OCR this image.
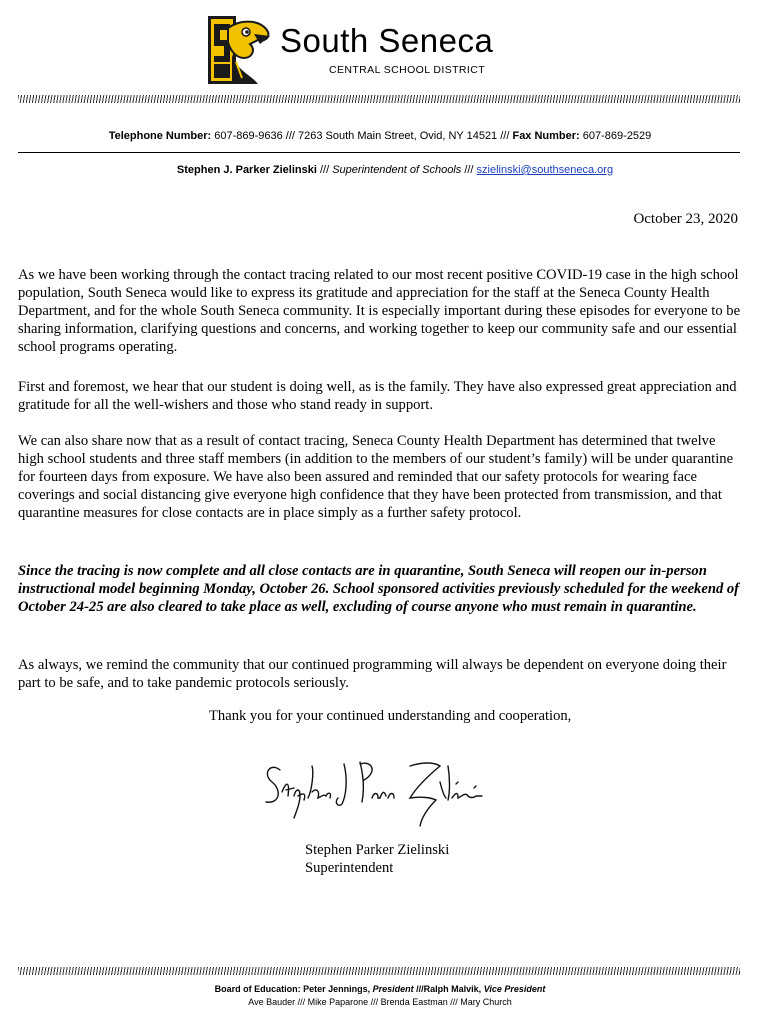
South Seneca
CENTRAL SCHOOL DISTRICT
Telephone Number: 607-869-9636 /// 7263 South Main Street, Ovid, NY 14521 /// Fax Number: 607-869-2529
Stephen J. Parker Zielinski /// Superintendent of Schools /// szielinski@southseneca.org
October 23, 2020

As we have been working through the contact tracing related to our most recent positive COVID-19 case in the high school population, South Seneca would like to express its gratitude and appreciation for the staff at the Seneca County Health Department, and for the whole South Seneca community. It is especially important during these episodes for everyone to be sharing information, clarifying questions and concerns, and working together to keep our community safe and our essential school programs operating.

First and foremost, we hear that our student is doing well, as is the family. They have also expressed great appreciation and gratitude for all the well-wishers and those who stand ready in support.

We can also share now that as a result of contact tracing, Seneca County Health Department has determined that twelve high school students and three staff members (in addition to the members of our student’s family) will be under quarantine for fourteen days from exposure. We have also been assured and reminded that our safety protocols for wearing face coverings and social distancing give everyone high confidence that they have been protected from transmission, and that quarantine measures for close contacts are in place simply as a further safety protocol.

Since the tracing is now complete and all close contacts are in quarantine, South Seneca will reopen our in-person instructional model beginning Monday, October 26. School sponsored activities previously scheduled for the weekend of October 24-25 are also cleared to take place as well, excluding of course anyone who must remain in quarantine.

As always, we remind the community that our continued programming will always be dependent on everyone doing their part to be safe, and to take pandemic protocols seriously.

Thank you for your continued understanding and cooperation,
Stephen Parker Zielinski
Superintendent
Board of Education: Peter Jennings, President ///Ralph Malvik, Vice President
Ave Bauder /// Mike Paparone /// Brenda Eastman /// Mary Church
